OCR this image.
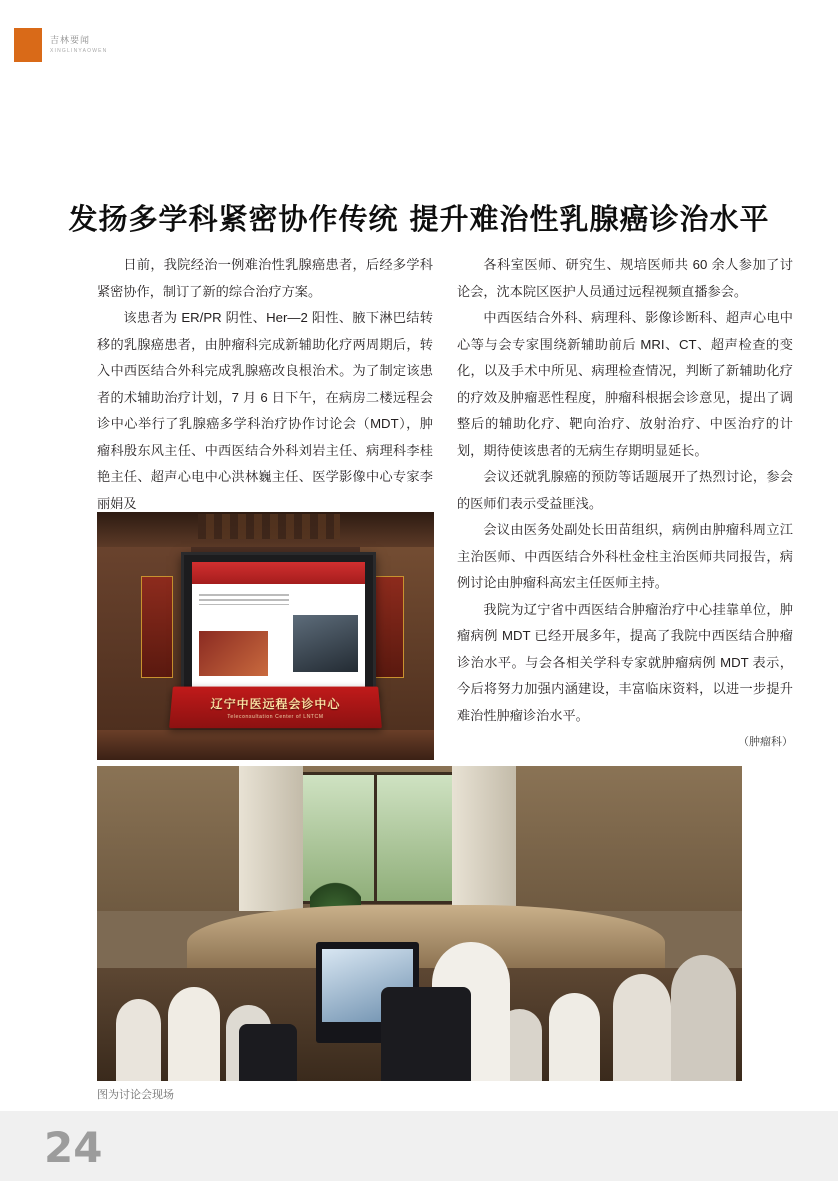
吉林要闻
XINGLINYAOWEN
发扬多学科紧密协作传统 提升难治性乳腺癌诊治水平

日前，我院经治一例难治性乳腺癌患者，后经多学科紧密协作，制订了新的综合治疗方案。

该患者为 ER/PR 阴性、Her—2 阳性、腋下淋巴结转移的乳腺癌患者，由肿瘤科完成新辅助化疗两周期后，转入中西医结合外科完成乳腺癌改良根治术。为了制定该患者的术辅助治疗计划，7 月 6 日下午，在病房二楼远程会诊中心举行了乳腺癌多学科治疗协作讨论会（MDT），肿瘤科殷东风主任、中西医结合外科刘岩主任、病理科李桂艳主任、超声心电中心洪林巍主任、医学影像中心专家李丽娟及

各科室医师、研究生、规培医师共 60 余人参加了讨论会，沈本院区医护人员通过远程视频直播参会。

中西医结合外科、病理科、影像诊断科、超声心电中心等与会专家围绕新辅助前后 MRI、CT、超声检查的变化，以及手术中所见、病理检查情况，判断了新辅助化疗的疗效及肿瘤恶性程度，肿瘤科根据会诊意见，提出了调整后的辅助化疗、靶向治疗、放射治疗、中医治疗的计划，期待使该患者的无病生存期明显延长。

会议还就乳腺癌的预防等话题展开了热烈讨论，参会的医师们表示受益匪浅。

会议由医务处副处长田苗组织，病例由肿瘤科周立江主治医师、中西医结合外科杜金柱主治医师共同报告，病例讨论由肿瘤科高宏主任医师主持。

我院为辽宁省中西医结合肿瘤治疗中心挂靠单位，肿瘤病例 MDT 已经开展多年，提高了我院中西医结合肿瘤诊治水平。与会各相关学科专家就肿瘤病例 MDT 表示，今后将努力加强内涵建设，丰富临床资料，以进一步提升难治性肿瘤诊治水平。

（肿瘤科）

辽宁中医远程会诊中心
Teleconsultation Center of LNTCM
图为讨论会现场
24
